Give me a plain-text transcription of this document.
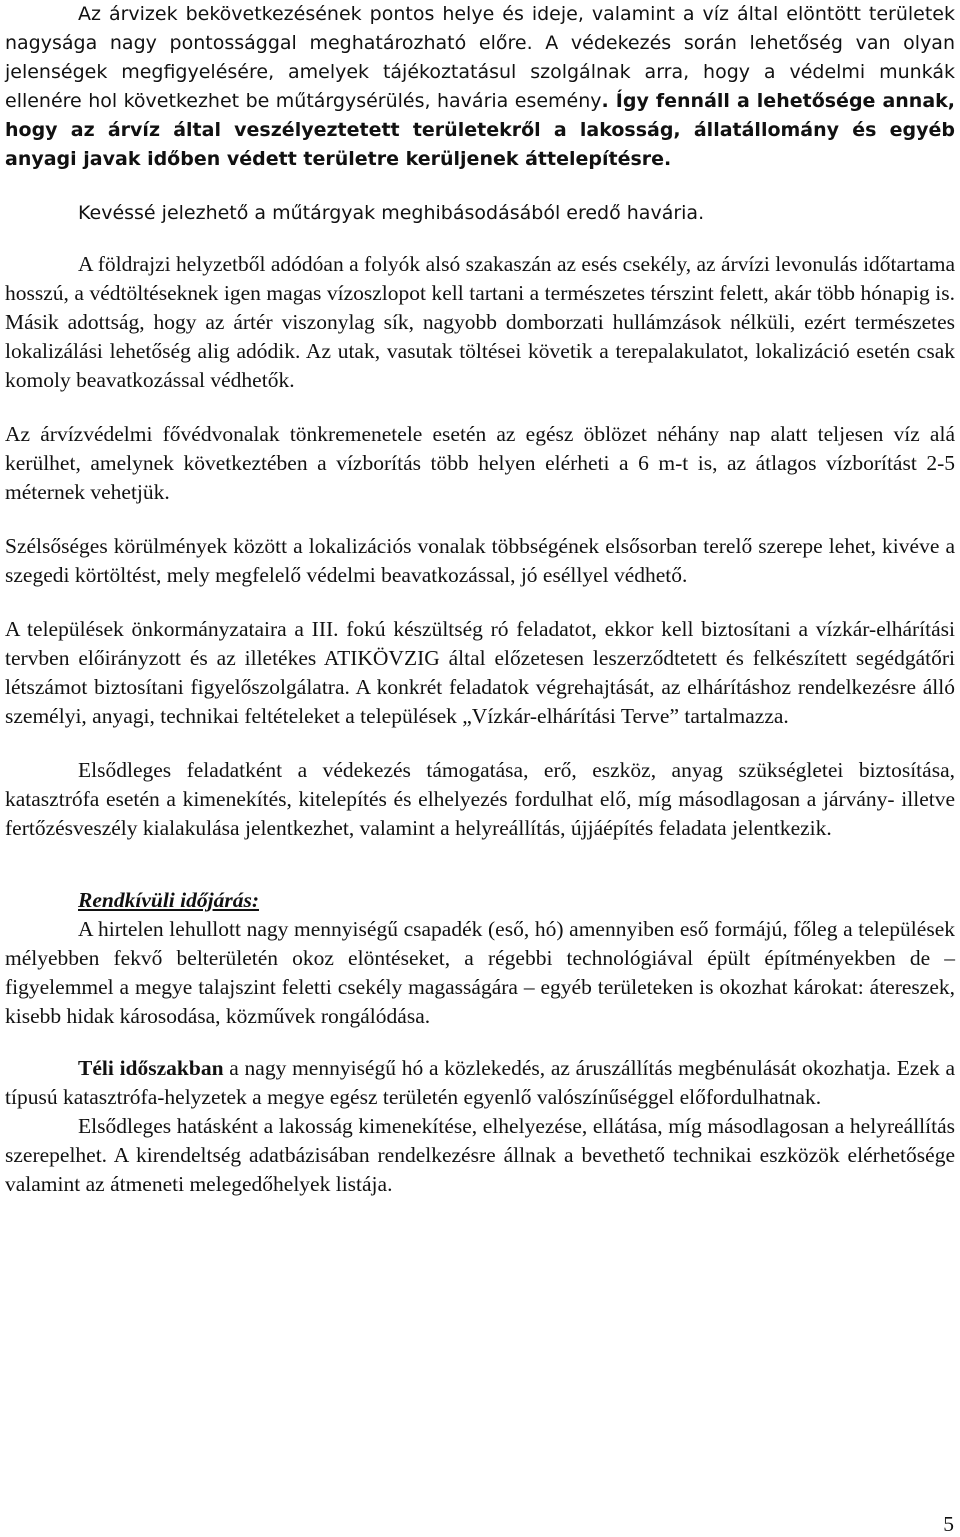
Az árvizek bekövetkezésének pontos helye és ideje, valamint a víz által elöntött területek nagysága nagy pontossággal meghatározható előre. A védekezés során lehetőség van olyan jelenségek megfigyelésére, amelyek tájékoztatásul szolgálnak arra, hogy a védelmi munkák ellenére hol következhet be műtárgysérülés, havária esemény. Így fennáll a lehetősége annak, hogy az árvíz által veszélyeztetett területekről a lakosság, állatállomány és egyéb anyagi javak időben védett területre kerüljenek áttelepítésre.

Kevéssé jelezhető a műtárgyak meghibásodásából eredő havária.

A földrajzi helyzetből adódóan a folyók alsó szakaszán az esés csekély, az árvízi levonulás időtartama hosszú, a védtöltéseknek igen magas vízoszlopot kell tartani a természetes térszint felett, akár több hónapig is. Másik adottság, hogy az ártér viszonylag sík, nagyobb domborzati hullámzások nélküli, ezért természetes lokalizálási lehetőség alig adódik. Az utak, vasutak töltései követik a terepalakulatot, lokalizáció esetén csak komoly beavatkozással védhetők.

Az árvízvédelmi fővédvonalak tönkremenetele esetén az egész öblözet néhány nap alatt teljesen víz alá kerülhet, amelynek következtében a vízborítás több helyen elérheti a 6 m-t is, az átlagos vízborítást 2-5 méternek vehetjük.

Szélsőséges körülmények között a lokalizációs vonalak többségének elsősorban terelő szerepe lehet, kivéve a szegedi körtöltést, mely megfelelő védelmi beavatkozással, jó eséllyel védhető.

A települések önkormányzataira a III. fokú készültség ró feladatot, ekkor kell biztosítani a vízkár-elhárítási tervben előirányzott és az illetékes ATIKÖVZIG által előzetesen leszerződtetett és felkészített segédgátőri létszámot biztosítani figyelőszolgálatra. A konkrét feladatok végrehajtását, az elhárításhoz rendelkezésre álló személyi, anyagi, technikai feltételeket a települések „Vízkár-elhárítási Terve” tartalmazza.

Elsődleges feladatként a védekezés támogatása, erő, eszköz, anyag szükségletei biztosítása, katasztrófa esetén a kimenekítés, kitelepítés és elhelyezés fordulhat elő, míg másodlagosan a járvány- illetve fertőzésveszély kialakulása jelentkezhet, valamint a helyreállítás, újjáépítés feladata jelentkezik.

Rendkívüli időjárás:

A hirtelen lehullott nagy mennyiségű csapadék (eső, hó) amennyiben eső formájú, főleg a települések mélyebben fekvő belterületén okoz elöntéseket, a régebbi technológiával épült építményekben de – figyelemmel a megye talajszint feletti csekély magasságára – egyéb területeken is okozhat károkat: átereszek, kisebb hidak károsodása, közművek rongálódása.

Téli időszakban a nagy mennyiségű hó a közlekedés, az áruszállítás megbénulását okozhatja. Ezek a típusú katasztrófa-helyzetek a megye egész területén egyenlő valószínűséggel előfordulhatnak.

Elsődleges hatásként a lakosság kimenekítése, elhelyezése, ellátása, míg másodlagosan a helyreállítás szerepelhet. A kirendeltség adatbázisában rendelkezésre állnak a bevethető technikai eszközök elérhetősége valamint az átmeneti melegedőhelyek listája.

5
